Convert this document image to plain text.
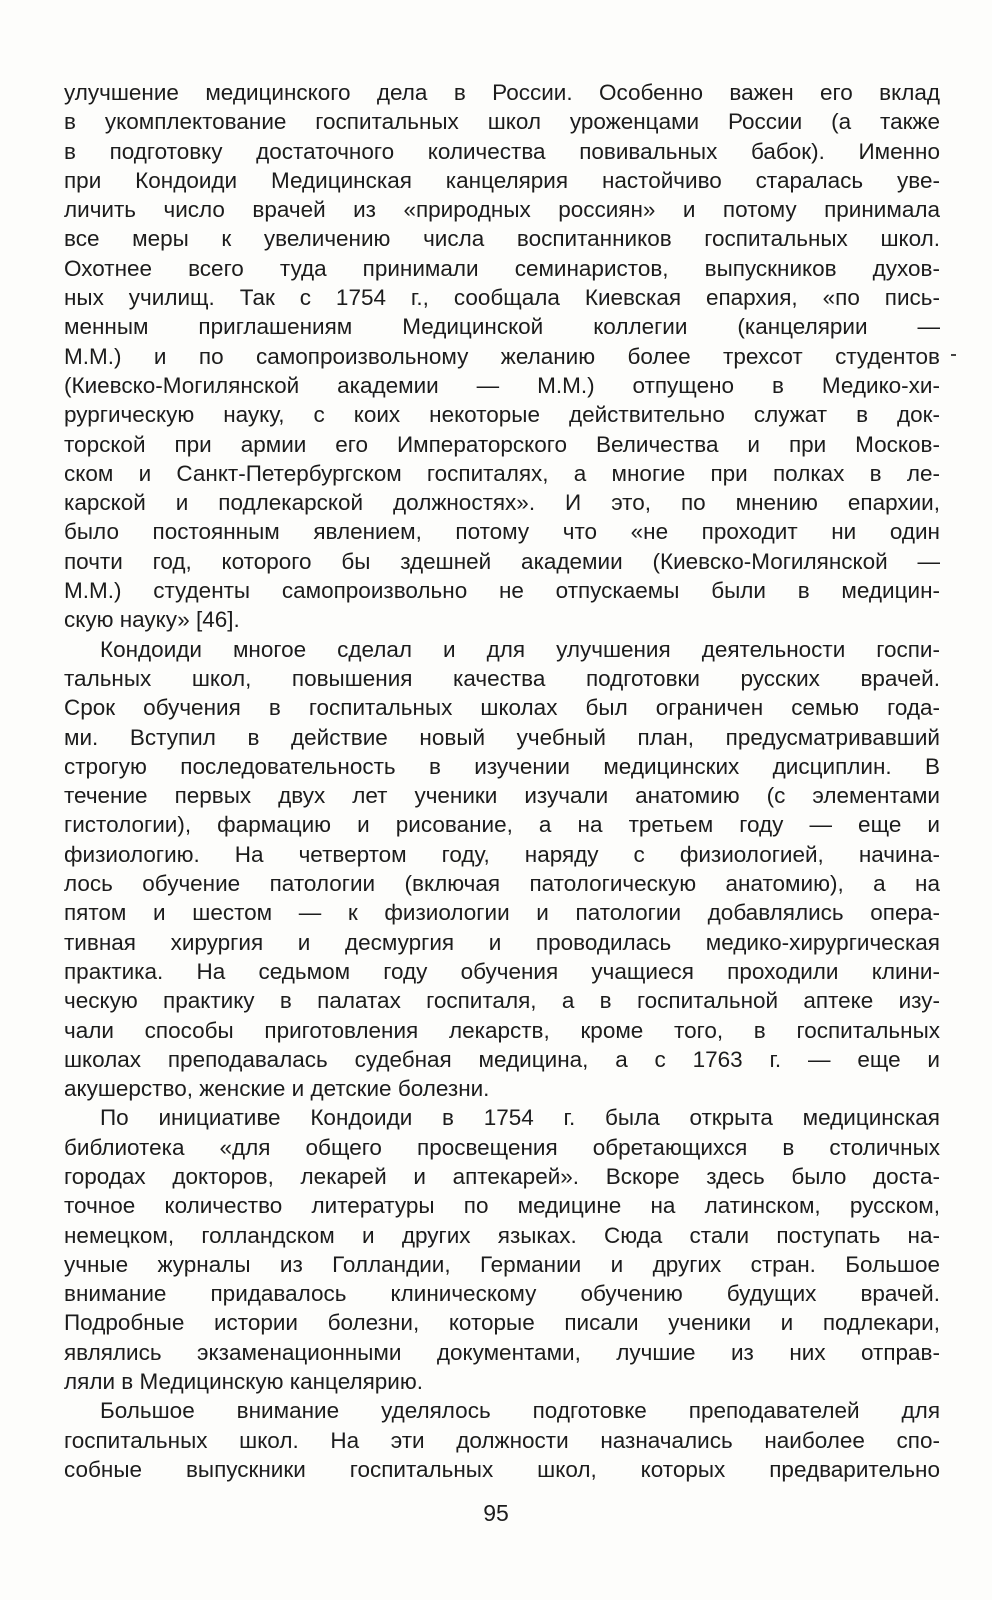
улучшение медицинского дела в России. Особенно важен его вклад
в укомплектование госпитальных школ уроженцами России (а также
в подготовку достаточного количества повивальных бабок). Именно
при Кондоиди Медицинская канцелярия настойчиво старалась уве-
личить число врачей из «природных россиян» и потому принимала
все меры к увеличению числа воспитанников госпитальных школ.
Охотнее всего туда принимали семинаристов, выпускников духов-
ных училищ. Так с 1754 г., сообщала Киевская епархия, «по пись-
менным приглашениям Медицинской коллегии (канцелярии —
М.М.) и по самопроизвольному желанию более трехсот студентов
(Киевско-Могилянской академии — М.М.) отпущено в Медико-хи-
рургическую науку, с коих некоторые действительно служат в док-
торской при армии его Императорского Величества и при Москов-
ском и Санкт-Петербургском госпиталях, а многие при полках в ле-
карской и подлекарской должностях». И это, по мнению епархии,
было постоянным явлением, потому что «не проходит ни один
почти год, которого бы здешней академии (Киевско-Могилянской —
М.М.) студенты самопроизвольно не отпускаемы были в медицин-
скую науку» [46].
Кондоиди многое сделал и для улучшения деятельности госпи-
тальных школ, повышения качества подготовки русских врачей.
Срок обучения в госпитальных школах был ограничен семью года-
ми. Вступил в действие новый учебный план, предусматривавший
строгую последовательность в изучении медицинских дисциплин. В
течение первых двух лет ученики изучали анатомию (с элементами
гистологии), фармацию и рисование, а на третьем году — еще и
физиологию. На четвертом году, наряду с физиологией, начина-
лось обучение патологии (включая патологическую анатомию), а на
пятом и шестом — к физиологии и патологии добавлялись опера-
тивная хирургия и десмургия и проводилась медико-хирургическая
практика. На седьмом году обучения учащиеся проходили клини-
ческую практику в палатах госпиталя, а в госпитальной аптеке изу-
чали способы приготовления лекарств, кроме того, в госпитальных
школах преподавалась судебная медицина, а с 1763 г. — еще и
акушерство, женские и детские болезни.
По инициативе Кондоиди в 1754 г. была открыта медицинская
библиотека «для общего просвещения обретающихся в столичных
городах докторов, лекарей и аптекарей». Вскоре здесь было доста-
точное количество литературы по медицине на латинском, русском,
немецком, голландском и других языках. Сюда стали поступать на-
учные журналы из Голландии, Германии и других стран. Большое
внимание придавалось клиническому обучению будущих врачей.
Подробные истории болезни, которые писали ученики и подлекари,
являлись экзаменационными документами, лучшие из них отправ-
ляли в Медицинскую канцелярию.
Большое внимание уделялось подготовке преподавателей для
госпитальных школ. На эти должности назначались наиболее спо-
собные выпускники госпитальных школ, которых предварительно
95
